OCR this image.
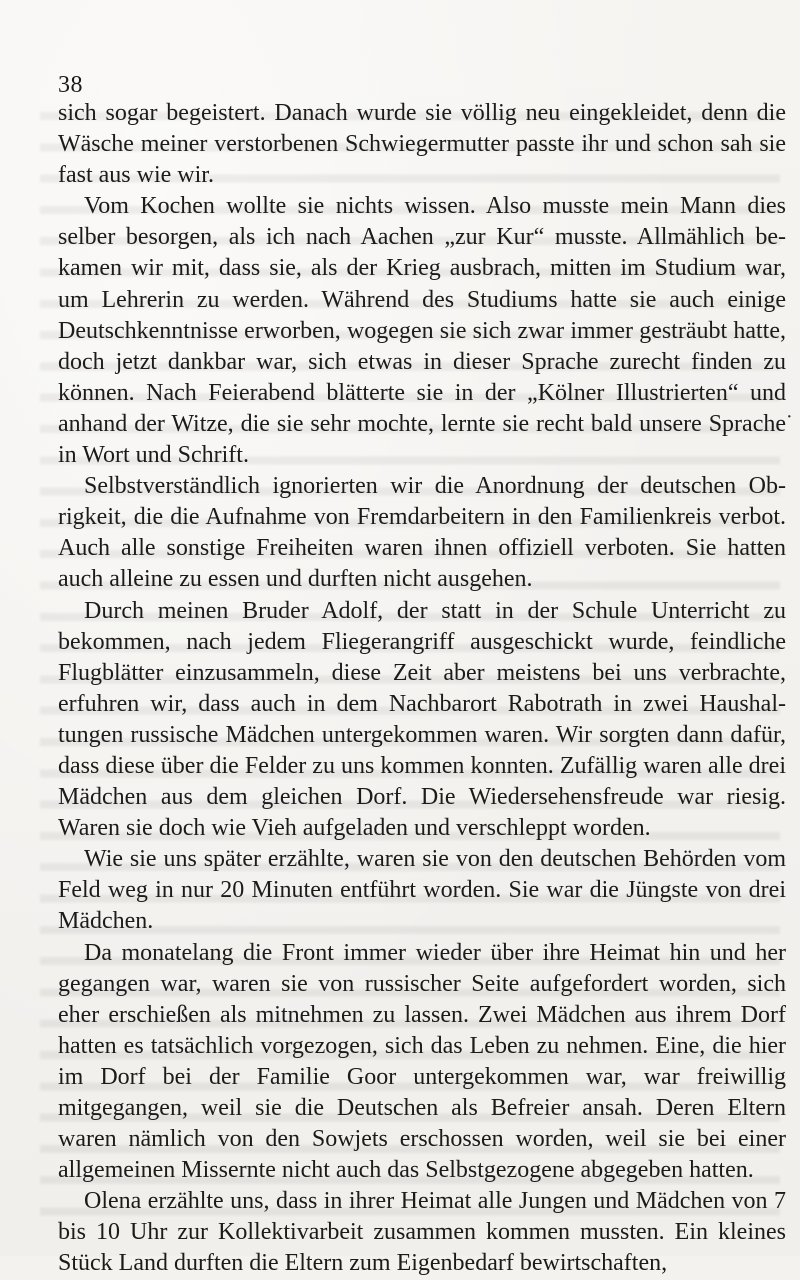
38

sich sogar begeistert. Danach wurde sie völlig neu eingekleidet, denn die Wäsche meiner verstorbenen Schwiegermutter passte ihr und schon sah sie fast aus wie wir.

Vom Kochen wollte sie nichts wissen. Also musste mein Mann dies selber besorgen, als ich nach Aachen „zur Kur“ musste. Allmählich bekamen wir mit, dass sie, als der Krieg ausbrach, mitten im Studium war, um Lehrerin zu werden. Während des Studiums hatte sie auch einige Deutschkenntnisse erworben, wogegen sie sich zwar immer gesträubt hatte, doch jetzt dankbar war, sich etwas in dieser Sprache zurecht finden zu können. Nach Feierabend blätterte sie in der „Kölner Illustrierten“ und anhand der Witze, die sie sehr mochte, lernte sie recht bald unsere Sprache in Wort und Schrift.

Selbstverständlich ignorierten wir die Anordnung der deutschen Obrigkeit, die die Aufnahme von Fremdarbeitern in den Familienkreis verbot. Auch alle sonstige Freiheiten waren ihnen offiziell verboten. Sie hatten auch alleine zu essen und durften nicht ausgehen.

Durch meinen Bruder Adolf, der statt in der Schule Unterricht zu bekommen, nach jedem Fliegerangriff ausgeschickt wurde, feindliche Flugblätter einzusammeln, diese Zeit aber meistens bei uns verbrachte, erfuhren wir, dass auch in dem Nachbarort Rabotrath in zwei Haushaltungen russische Mädchen untergekommen waren. Wir sorgten dann dafür, dass diese über die Felder zu uns kommen konnten. Zufällig waren alle drei Mädchen aus dem gleichen Dorf. Die Wiedersehensfreude war riesig. Waren sie doch wie Vieh aufgeladen und verschleppt worden.

Wie sie uns später erzählte, waren sie von den deutschen Behörden vom Feld weg in nur 20 Minuten entführt worden. Sie war die Jüngste von drei Mädchen.

Da monatelang die Front immer wieder über ihre Heimat hin und her gegangen war, waren sie von russischer Seite aufgefordert worden, sich eher erschießen als mitnehmen zu lassen. Zwei Mädchen aus ihrem Dorf hatten es tatsächlich vorgezogen, sich das Leben zu nehmen. Eine, die hier im Dorf bei der Familie Goor untergekommen war, war freiwillig mitgegangen, weil sie die Deutschen als Befreier ansah. Deren Eltern waren nämlich von den Sowjets erschossen worden, weil sie bei einer allgemeinen Missernte nicht auch das Selbstgezogene abgegeben hatten.

Olena erzählte uns, dass in ihrer Heimat alle Jungen und Mädchen von 7 bis 10 Uhr zur Kollektivarbeit zusammen kommen mussten. Ein kleines Stück Land durften die Eltern zum Eigenbedarf bewirtschaften,

·
